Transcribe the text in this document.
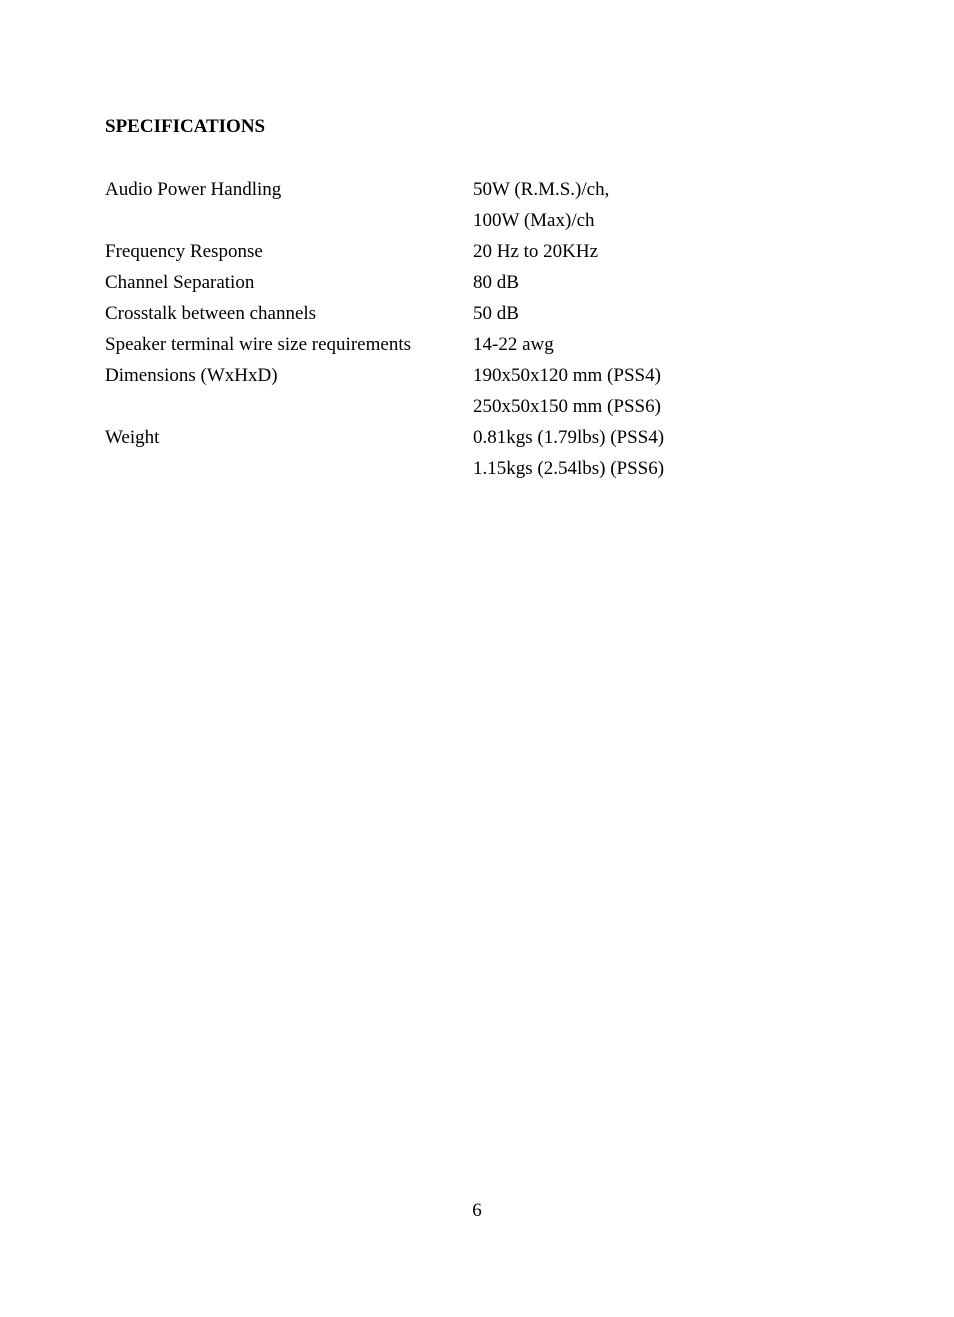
SPECIFICATIONS
Audio Power Handling	50W (R.M.S.)/ch,
100W (Max)/ch
Frequency Response	20 Hz to 20KHz
Channel Separation	80 dB
Crosstalk between channels	50 dB
Speaker terminal wire size requirements	14-22 awg
Dimensions (WxHxD)	190x50x120 mm (PSS4)
250x50x150 mm (PSS6)
Weight	0.81kgs (1.79lbs) (PSS4)
1.15kgs (2.54lbs) (PSS6)
6
